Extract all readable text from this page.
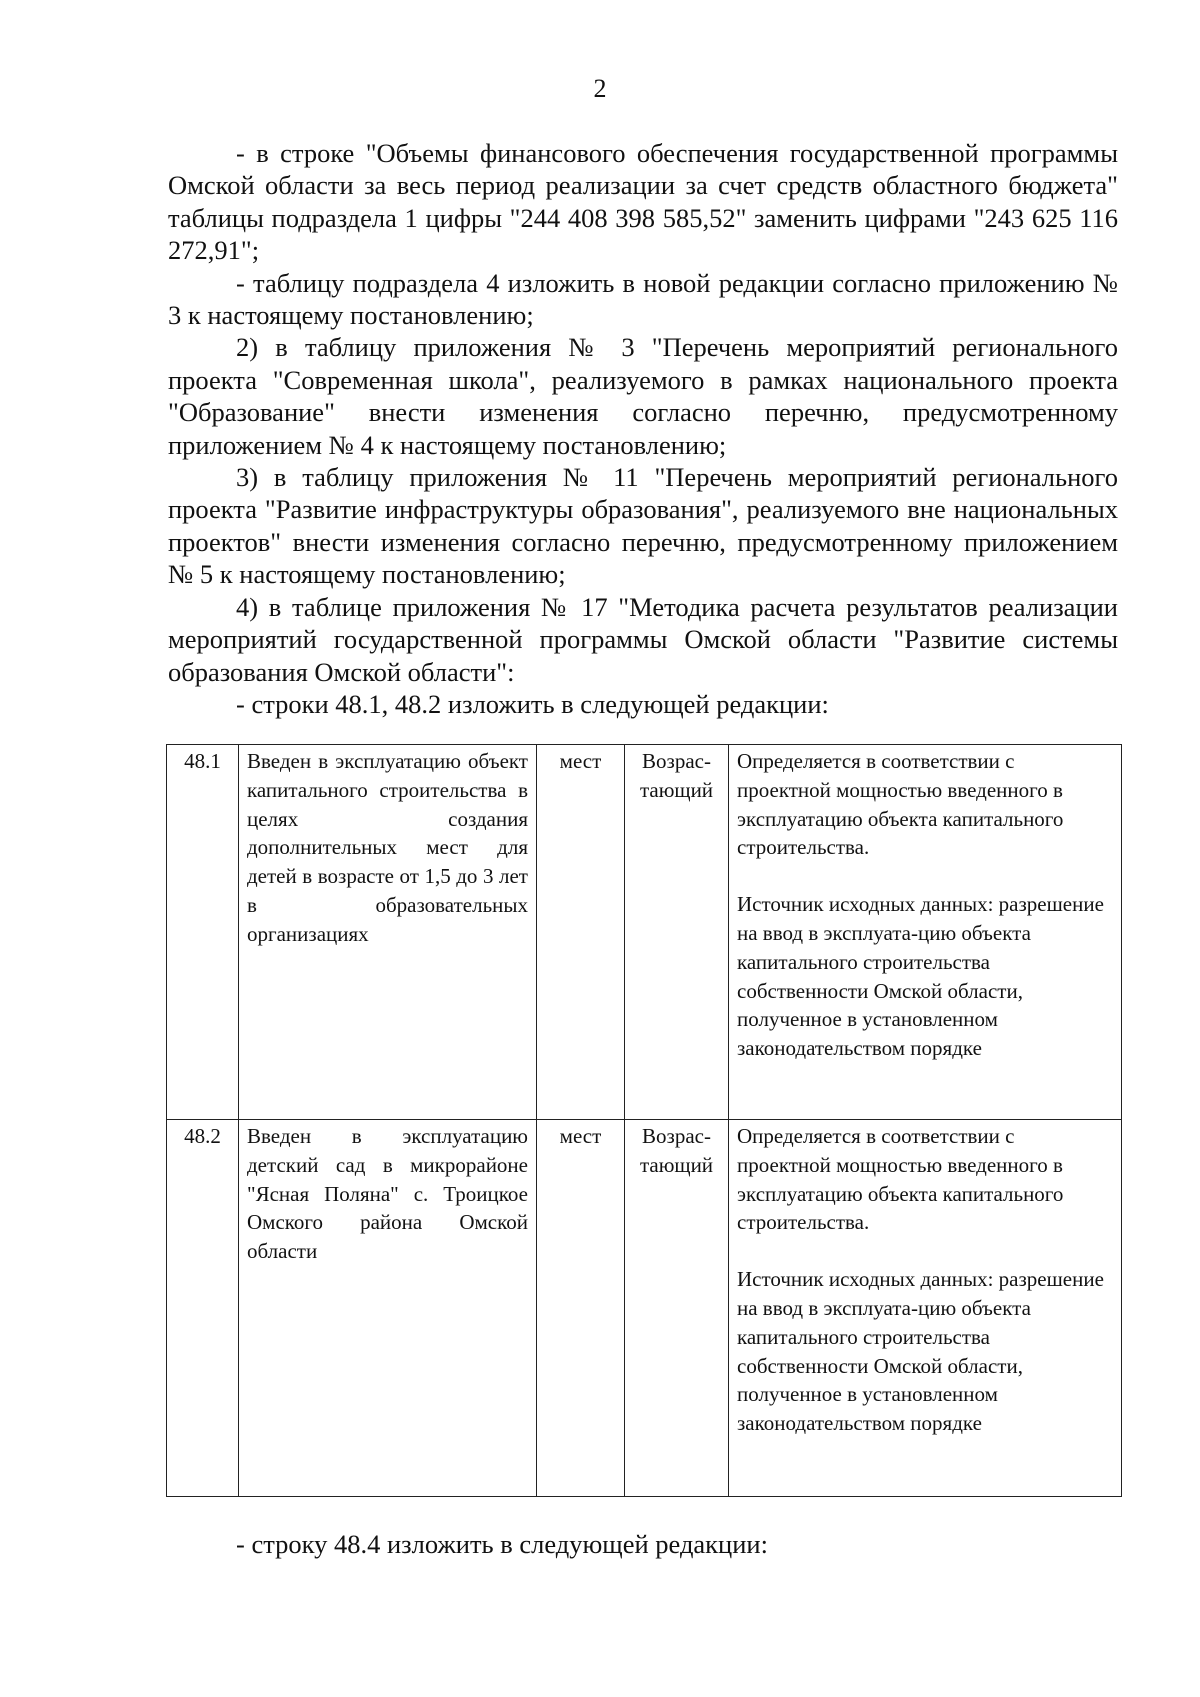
2

- в строке "Объемы финансового обеспечения государственной программы Омской области за весь период реализации за счет средств областного бюджета" таблицы подраздела 1 цифры "244 408 398 585,52" заменить цифрами "243 625 116 272,91";

- таблицу подраздела 4 изложить в новой редакции согласно приложению № 3 к настоящему постановлению;

2) в таблицу приложения № 3 "Перечень мероприятий регионального проекта "Современная школа", реализуемого в рамках национального проекта "Образование" внести изменения согласно перечню, предусмотренному приложением № 4 к настоящему постановлению;

3) в таблицу приложения № 11 "Перечень мероприятий регионального проекта "Развитие инфраструктуры образования", реализуемого вне национальных проектов" внести изменения согласно перечню, предусмотренному приложением № 5 к настоящему постановлению;

4) в таблице приложения № 17 "Методика расчета результатов реализации мероприятий государственной программы Омской области "Развитие системы образования Омской области":

- строки 48.1, 48.2 изложить в следующей редакции:

48.1	Введен в эксплуатацию объект капитального строительства в целях создания дополнительных мест для детей в возрасте от 1,5 до 3 лет в образовательных организациях	мест	Возрас-тающий	Определяется в соответствии с проектной мощностью введенного в эксплуатацию объекта капитального строительства.
Источник исходных данных: разрешение на ввод в эксплуата-цию объекта капитального строительства собственности Омской области, полученное в установленном законодательством порядке

48.2	Введен в эксплуатацию детский сад в микрорайоне "Ясная Поляна" с. Троицкое Омского района Омской области	мест	Возрас-тающий	Определяется в соответствии с проектной мощностью введенного в эксплуатацию объекта капитального строительства.
Источник исходных данных: разрешение на ввод в эксплуата-цию объекта капитального строительства собственности Омской области, полученное в установленном законодательством порядке
- строку 48.4 изложить в следующей редакции:
